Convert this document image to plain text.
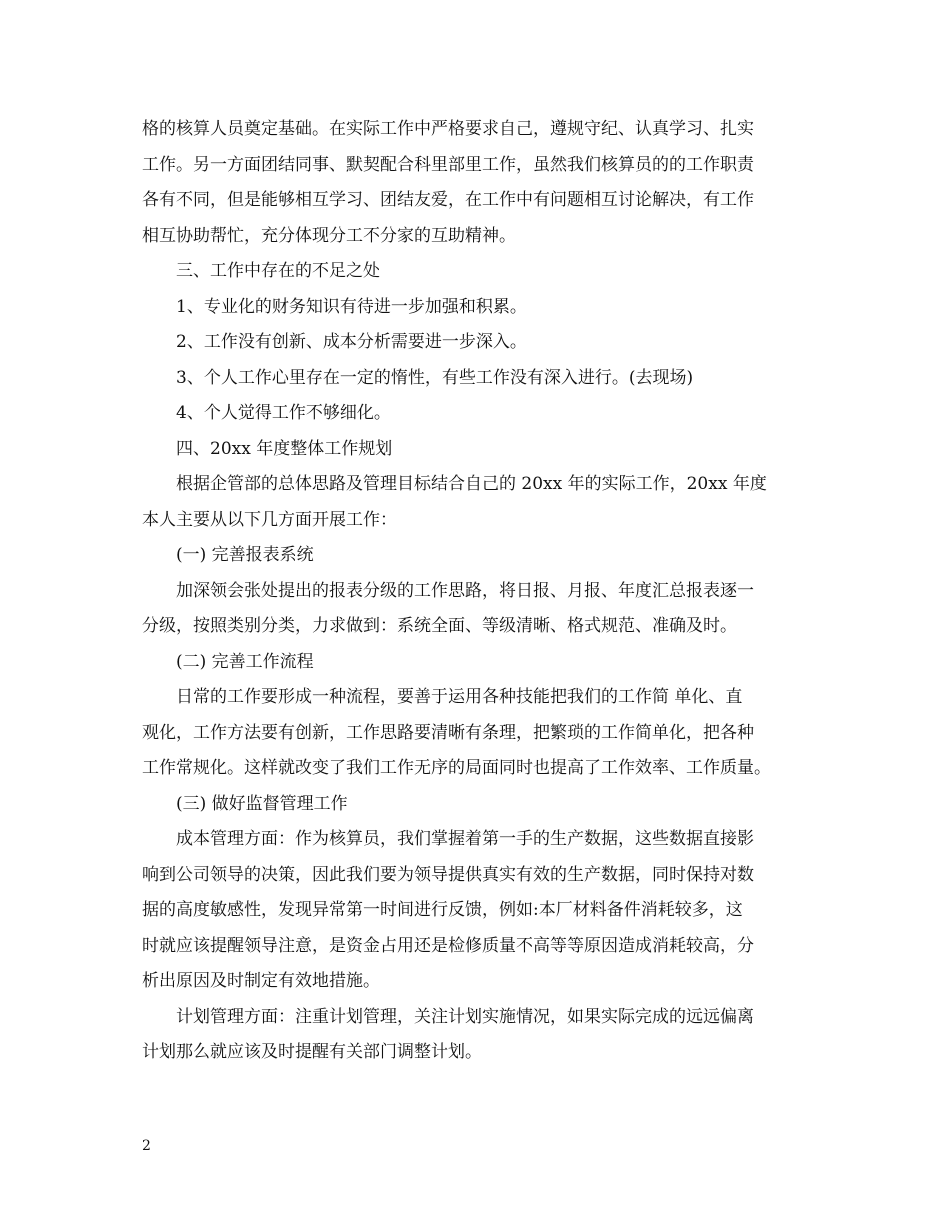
格的核算人员奠定基础。在实际工作中严格要求自己，遵规守纪、认真学习、扎实
工作。另一方面团结同事、默契配合科里部里工作，虽然我们核算员的的工作职责
各有不同，但是能够相互学习、团结友爱，在工作中有问题相互讨论解决，有工作
相互协助帮忙，充分体现分工不分家的互助精神。
三、工作中存在的不足之处
1、专业化的财务知识有待进一步加强和积累。
2、工作没有创新、成本分析需要进一步深入。
3、个人工作心里存在一定的惰性，有些工作没有深入进行。(去现场)
4、个人觉得工作不够细化。
四、20xx 年度整体工作规划
根据企管部的总体思路及管理目标结合自己的 20xx 年的实际工作，20xx 年度
本人主要从以下几方面开展工作：
(一) 完善报表系统
加深领会张处提出的报表分级的工作思路，将日报、月报、年度汇总报表逐一
分级，按照类别分类，力求做到：系统全面、等级清晰、格式规范、准确及时。
(二) 完善工作流程
日常的工作要形成一种流程，要善于运用各种技能把我们的工作简 单化、直
观化，工作方法要有创新，工作思路要清晰有条理，把繁琐的工作简单化，把各种
工作常规化。这样就改变了我们工作无序的局面同时也提高了工作效率、工作质量。
(三) 做好监督管理工作
成本管理方面：作为核算员，我们掌握着第一手的生产数据，这些数据直接影
响到公司领导的决策，因此我们要为领导提供真实有效的生产数据，同时保持对数
据的高度敏感性，发现异常第一时间进行反馈，例如:本厂材料备件消耗较多，这
时就应该提醒领导注意，是资金占用还是检修质量不高等等原因造成消耗较高，分
析出原因及时制定有效地措施。
计划管理方面：注重计划管理，关注计划实施情况，如果实际完成的远远偏离
计划那么就应该及时提醒有关部门调整计划。
2
